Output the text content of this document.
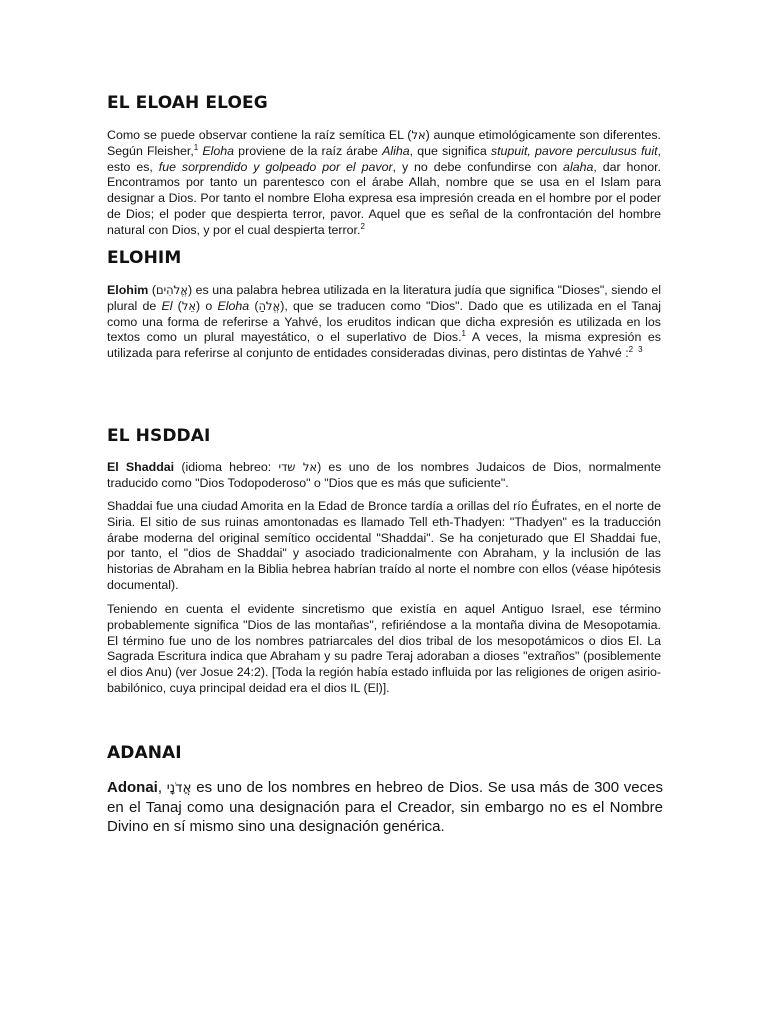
EL ELOAH ELOEG

Como se puede observar contiene la raíz semítica EL (אל) aunque etimológicamente son diferentes. Según Fleisher,$^1$ Eloha proviene de la raíz árabe Aliha, que significa stupuit, pavore perculusus fuit, esto es, fue sorprendido y golpeado por el pavor, y no debe confundirse con alaha, dar honor. Encontramos por tanto un parentesco con el árabe Allah, nombre que se usa en el Islam para designar a Dios. Por tanto el nombre Eloha expresa esa impresión creada en el hombre por el poder de Dios; el poder que despierta terror, pavor. Aquel que es señal de la confrontación del hombre natural con Dios, y por el cual despierta terror.$^2$

ELOHIM

Elohim (אֱלֹהִים) es una palabra hebrea utilizada en la literatura judía que significa "Dioses", siendo el plural de El (אֵל) o Eloha (אֱלֹהַ), que se traducen como "Dios". Dado que es utilizada en el Tanaj como una forma de referirse a Yahvé, los eruditos indican que dicha expresión es utilizada en los textos como un plural mayestático, o el superlativo de Dios.$^1$ A veces, la misma expresión es utilizada para referirse al conjunto de entidades consideradas divinas, pero distintas de Yahvé :$^2$   $^3$

EL HSDDAI

El Shaddai (idioma hebreo: אל שדי) es uno de los nombres Judaicos de Dios, normalmente traducido como "Dios Todopoderoso" o "Dios que es más que suficiente".

Shaddai fue una ciudad Amorita en la Edad de Bronce tardía a orillas del río Éufrates, en el norte de Siria. El sitio de sus ruinas amontonadas es llamado Tell eth-Thadyen: "Thadyen" es la traducción árabe moderna del original semítico occidental "Shaddai". Se ha conjeturado que El Shaddai fue, por tanto, el "dios de Shaddai" y asociado tradicionalmente con Abraham, y la inclusión de las historias de Abraham en la Biblia hebrea habrían traído al norte el nombre con ellos (véase hipótesis documental).

Teniendo en cuenta el evidente sincretismo que existía en aquel Antiguo Israel, ese término probablemente significa "Dios de las montañas", refiriéndose a la montaña divina de Mesopotamia. El término fue uno de los nombres patriarcales del dios tribal de los mesopotámicos o dios El. La Sagrada Escritura indica que Abraham y su padre Teraj adoraban a dioses "extraños" (posiblemente el dios Anu) (ver Josue 24:2). [Toda la región había estado influida por las religiones de origen asirio-babilónico, cuya principal deidad era el dios IL (El)].

ADANAI

Adonai, אֲדֹנָי es uno de los nombres en hebreo de Dios. Se usa más de 300 veces en el Tanaj como una designación para el Creador, sin embargo no es el Nombre Divino en sí mismo sino una designación genérica.
